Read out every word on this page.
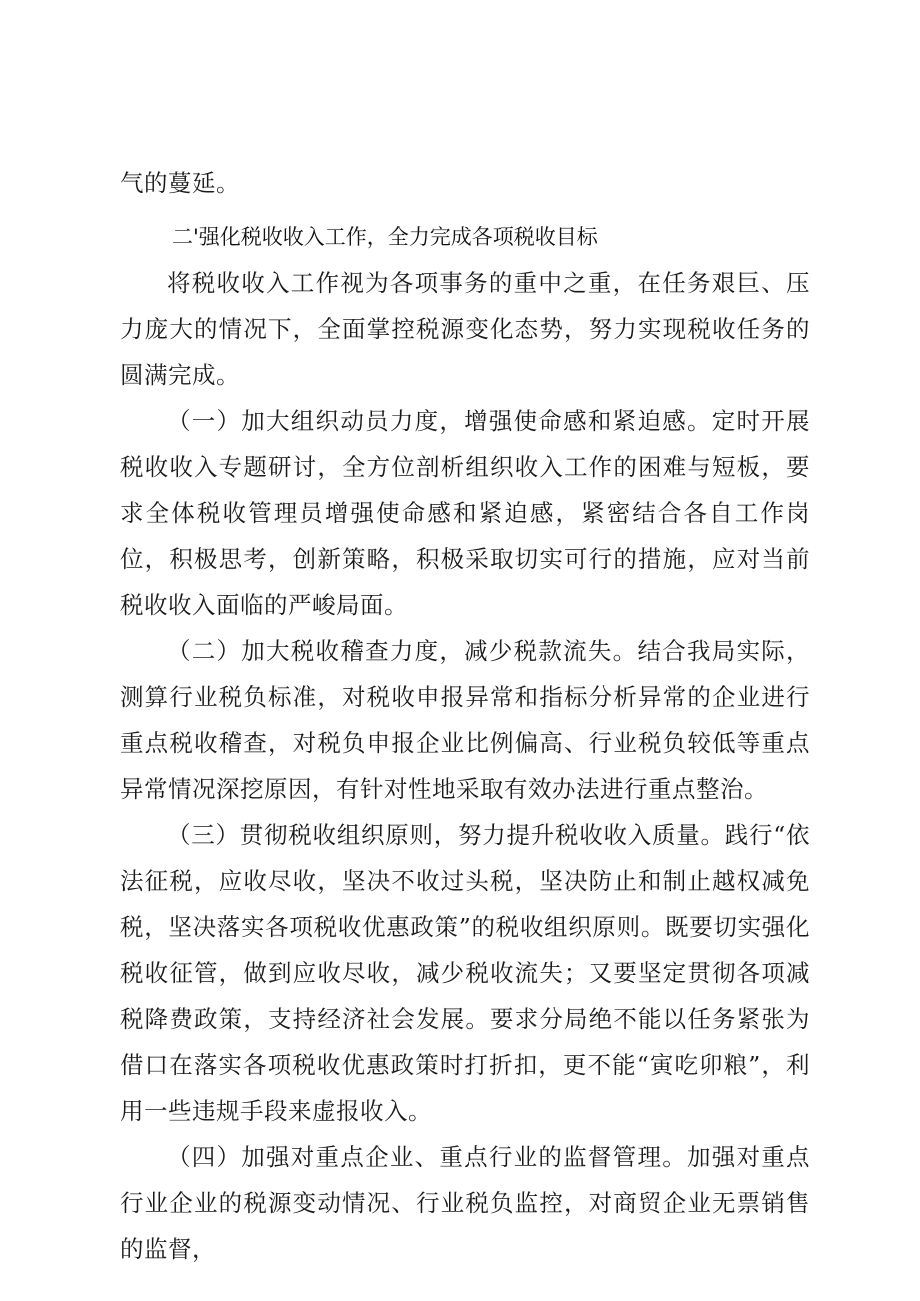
气的蔓延。

二'强化税收收入工作，全力完成各项税收目标

将税收收入工作视为各项事务的重中之重，在任务艰巨、压力庞大的情况下，全面掌控税源变化态势，努力实现税收任务的圆满完成。

（一）加大组织动员力度，增强使命感和紧迫感。定时开展税收收入专题研讨，全方位剖析组织收入工作的困难与短板，要求全体税收管理员增强使命感和紧迫感，紧密结合各自工作岗位，积极思考，创新策略，积极采取切实可行的措施，应对当前税收收入面临的严峻局面。

（二）加大税收稽查力度，减少税款流失。结合我局实际，测算行业税负标准，对税收申报异常和指标分析异常的企业进行重点税收稽查，对税负申报企业比例偏高、行业税负较低等重点异常情况深挖原因，有针对性地采取有效办法进行重点整治。

（三）贯彻税收组织原则，努力提升税收收入质量。践行“依法征税，应收尽收，坚决不收过头税，坚决防止和制止越权减免税，坚决落实各项税收优惠政策”的税收组织原则。既要切实强化税收征管，做到应收尽收，减少税收流失；又要坚定贯彻各项减税降费政策，支持经济社会发展。要求分局绝不能以任务紧张为借口在落实各项税收优惠政策时打折扣，更不能“寅吃卯粮”，利用一些违规手段来虚报收入。

（四）加强对重点企业、重点行业的监督管理。加强对重点行业企业的税源变动情况、行业税负监控，对商贸企业无票销售的监督，
